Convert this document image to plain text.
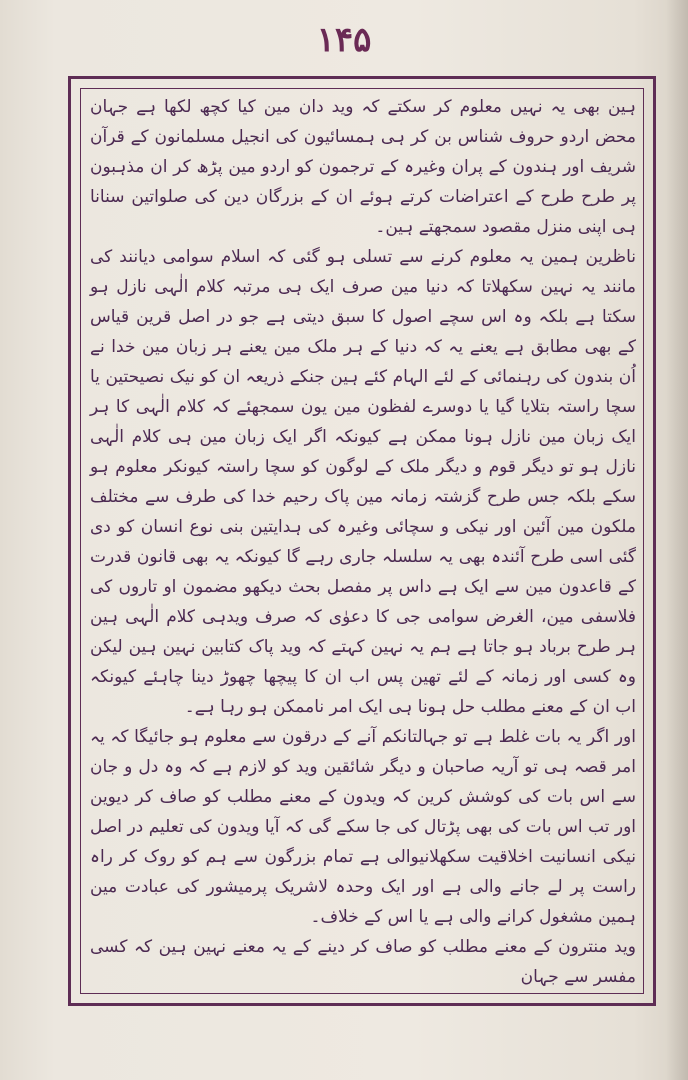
۱۴۵

ہین بھی یہ نہیں معلوم کر سکتے کہ وید دان مین کیا کچھ لکھا ہے جہان محض اردو حروف شناس بن کر ہی ہمسائیون کی انجیل مسلمانون کے قرآن شریف اور ہندون کے پران وغیرہ کے ترجمون کو اردو مین پڑھ کر ان مذہبون پر طرح طرح کے اعتراضات کرتے ہوئے ان کے بزرگان دین کی صلواتین سنانا ہی اپنی منزل مقصود سمجھتے ہین۔

ناظرین ہمین یہ معلوم کرنے سے تسلی ہو گئی کہ اسلام سوامی دیانند کی مانند یہ نہین سکھلاتا کہ دنیا مین صرف ایک ہی مرتبہ کلام الٰہی نازل ہو سکتا ہے بلکہ وہ اس سچے اصول کا سبق دیتی ہے جو در اصل قرین قیاس کے بھی مطابق ہے یعنے یہ کہ دنیا کے ہر ملک مین یعنے ہر زبان مین خدا نے اُن بندون کی رہنمائی کے لئے الہام کئے ہین جنکے ذریعہ ان کو نیک نصیحتین یا سچا راستہ بتلایا گیا یا دوسرے لفظون مین یون سمجھئے کہ کلام الٰہی کا ہر ایک زبان مین نازل ہونا ممکن ہے کیونکہ اگر ایک زبان مین ہی کلام الٰہی نازل ہو تو دیگر قوم و دیگر ملک کے لوگون کو سچا راستہ کیونکر معلوم ہو سکے بلکہ جس طرح گزشتہ زمانہ مین پاک رحیم خدا کی طرف سے مختلف ملکون مین آئین اور نیکی و سچائی وغیرہ کی ہدایتین بنی نوع انسان کو دی گئی اسی طرح آئندہ بھی یہ سلسلہ جاری رہے گا کیونکہ یہ بھی قانون قدرت کے قاعدون مین سے ایک ہے داس پر مفصل بحث دیکھو مضمون او تاروں کی فلاسفی مین، الغرض سوامی جی کا دعوٰی کہ صرف ویدہی کلام الٰہی ہین ہر طرح برباد ہو جاتا ہے ہم یہ نہین کہتے کہ وید پاک کتابین نہین ہین لیکن وہ کسی اور زمانہ کے لئے تھین پس اب ان کا پیچھا چھوڑ دینا چاہئے کیونکہ اب ان کے معنے مطلب حل ہونا ہی ایک امر ناممکن ہو رہا ہے۔

اور اگر یہ بات غلط ہے تو جہالتانکم آنے کے درقون سے معلوم ہو جائیگا کہ یہ امر قصہ ہی تو آریہ صاحبان و دیگر شائقین وید کو لازم ہے کہ وہ دل و جان سے اس بات کی کوشش کرین کہ ویدون کے معنے مطلب کو صاف کر دیوین اور تب اس بات کی بھی پڑتال کی جا سکے گی کہ آیا ویدون کی تعلیم در اصل نیکی انسانیت اخلاقیت سکھلانیوالی ہے تمام بزرگون سے ہم کو روک کر راہ راست پر لے جانے والی ہے اور ایک وحدہ لاشریک پرمیشور کی عبادت مین ہمین مشغول کرانے والی ہے یا اس کے خلاف۔

وید منترون کے معنے مطلب کو صاف کر دینے کے یہ معنے نہین ہین کہ کسی مفسر سے جہان
